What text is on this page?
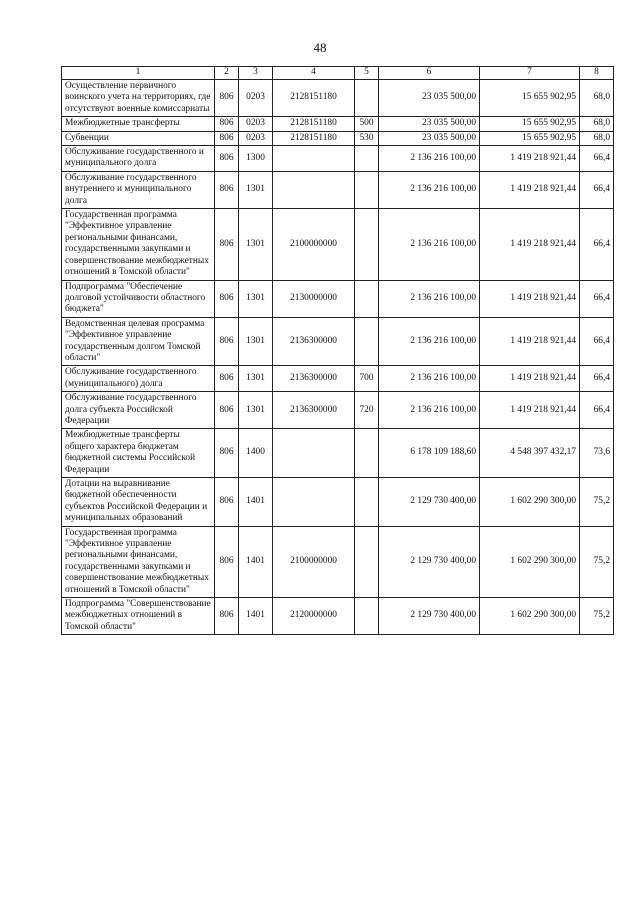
48
1	2	3	4	5	6	7	8
Осуществление первичного воинского учета на территориях, где отсутствуют военные комиссариаты	806	0203	2128151180		23 035 500,00	15 655 902,95	68,0
Межбюджетные трансферты	806	0203	2128151180	500	23 035 500,00	15 655 902,95	68,0
Субвенции	806	0203	2128151180	530	23 035 500,00	15 655 902,95	68,0
Обслуживание государственного и муниципального долга	806	1300			2 136 216 100,00	1 419 218 921,44	66,4
Обслуживание государственного внутреннего и муниципального долга	806	1301			2 136 216 100,00	1 419 218 921,44	66,4
Государственная программа "Эффективное управление региональными финансами, государственными закупками и совершенствование межбюджетных отношений в Томской области"	806	1301	2100000000		2 136 216 100,00	1 419 218 921,44	66,4
Подпрограмма "Обеспечение долговой устойчивости областного бюджета"	806	1301	2130000000		2 136 216 100,00	1 419 218 921,44	66,4
Ведомственная целевая программа "Эффективное управление государственным долгом Томской области"	806	1301	2136300000		2 136 216 100,00	1 419 218 921,44	66,4
Обслуживание государственного (муниципального) долга	806	1301	2136300000	700	2 136 216 100,00	1 419 218 921,44	66,4
Обслуживание государственного долга субъекта Российской Федерации	806	1301	2136300000	720	2 136 216 100,00	1 419 218 921,44	66,4
Межбюджетные трансферты общего характера бюджетам бюджетной системы Российской Федерации	806	1400			6 178 109 188,60	4 548 397 432,17	73,6
Дотации на выравнивание бюджетной обеспеченности субъектов Российской Федерации и муниципальных образований	806	1401			2 129 730 400,00	1 602 290 300,00	75,2
Государственная программа "Эффективное управление региональными финансами, государственными закупками и совершенствование межбюджетных отношений в Томской области"	806	1401	2100000000		2 129 730 400,00	1 602 290 300,00	75,2
Подпрограмма "Совершенствование межбюджетных отношений в Томской области"	806	1401	2120000000		2 129 730 400,00	1 602 290 300,00	75,2
